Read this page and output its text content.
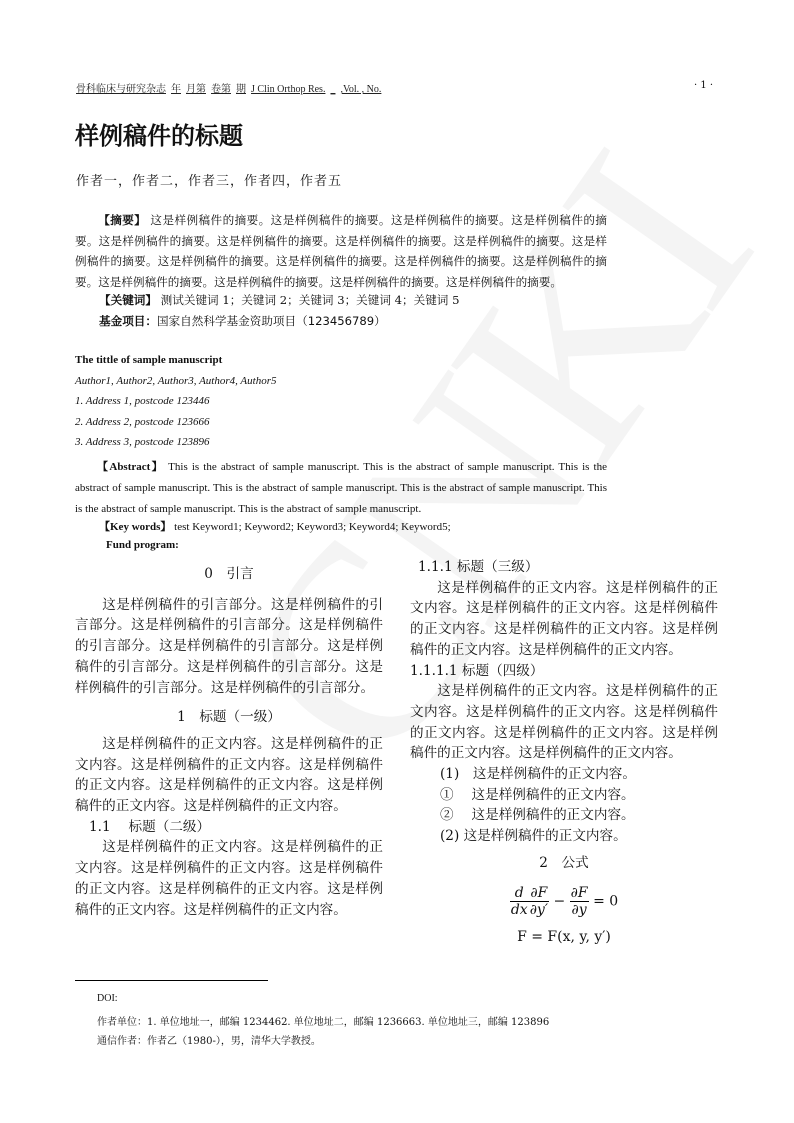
骨科临床与研究杂志 年 月第 卷第 期 J Clin Orthop Res. _ ,Vol. , No.	· 1 ·
样例稿件的标题
作者一，作者二，作者三，作者四，作者五
【摘要】 这是样例稿件的摘要。这是样例稿件的摘要。这是样例稿件的摘要。这是样例稿件的摘要。这是样例稿件的摘要。这是样例稿件的摘要。这是样例稿件的摘要。这是样例稿件的摘要。这是样例稿件的摘要。这是样例稿件的摘要。这是样例稿件的摘要。这是样例稿件的摘要。这是样例稿件的摘要。这是样例稿件的摘要。这是样例稿件的摘要。这是样例稿件的摘要。这是样例稿件的摘要。
【关键词】 测试关键词 1；关键词 2；关键词 3；关键词 4；关键词 5
基金项目：国家自然科学基金资助项目（123456789）
The tittle of sample manuscript
Author1, Author2, Author3, Author4, Author5
1. Address 1, postcode 123446
2. Address 2, postcode 123666
3. Address 3, postcode 123896
【Abstract】 This is the abstract of sample manuscript. This is the abstract of sample manuscript. This is the abstract of sample manuscript. This is the abstract of sample manuscript. This is the abstract of sample manuscript. This is the abstract of sample manuscript. This is the abstract of sample manuscript.
【Key words】 test Keyword1; Keyword2; Keyword3; Keyword4; Keyword5;
Fund program:
0　引言
这是样例稿件的引言部分。这是样例稿件的引言部分。这是样例稿件的引言部分。这是样例稿件的引言部分。这是样例稿件的引言部分。这是样例稿件的引言部分。这是样例稿件的引言部分。这是样例稿件的引言部分。这是样例稿件的引言部分。
1　标题（一级）
这是样例稿件的正文内容。这是样例稿件的正文内容。这是样例稿件的正文内容。这是样例稿件的正文内容。这是样例稿件的正文内容。这是样例稿件的正文内容。这是样例稿件的正文内容。
1.1　 标题（二级）
这是样例稿件的正文内容。这是样例稿件的正文内容。这是样例稿件的正文内容。这是样例稿件的正文内容。这是样例稿件的正文内容。这是样例稿件的正文内容。这是样例稿件的正文内容。
1.1.1 标题（三级）
这是样例稿件的正文内容。这是样例稿件的正文内容。这是样例稿件的正文内容。这是样例稿件的正文内容。这是样例稿件的正文内容。这是样例稿件的正文内容。这是样例稿件的正文内容。
1.1.1.1 标题（四级）
这是样例稿件的正文内容。这是样例稿件的正文内容。这是样例稿件的正文内容。这是样例稿件的正文内容。这是样例稿件的正文内容。这是样例稿件的正文内容。这是样例稿件的正文内容。
(1)　这是样例稿件的正文内容。
①　 这是样例稿件的正文内容。
②　 这是样例稿件的正文内容。
(2) 这是样例稿件的正文内容。
2　公式
$\frac{d}{dx} \frac{\partial F}{\partial y'} - \frac{\partial F}{\partial y} = 0$
F = F(x, y, y′)
DOI:
作者单位：1. 单位地址一，邮编 1234462. 单位地址二，邮编 1236663. 单位地址三，邮编 123896
通信作者：作者乙（1980-），男，清华大学教授。
